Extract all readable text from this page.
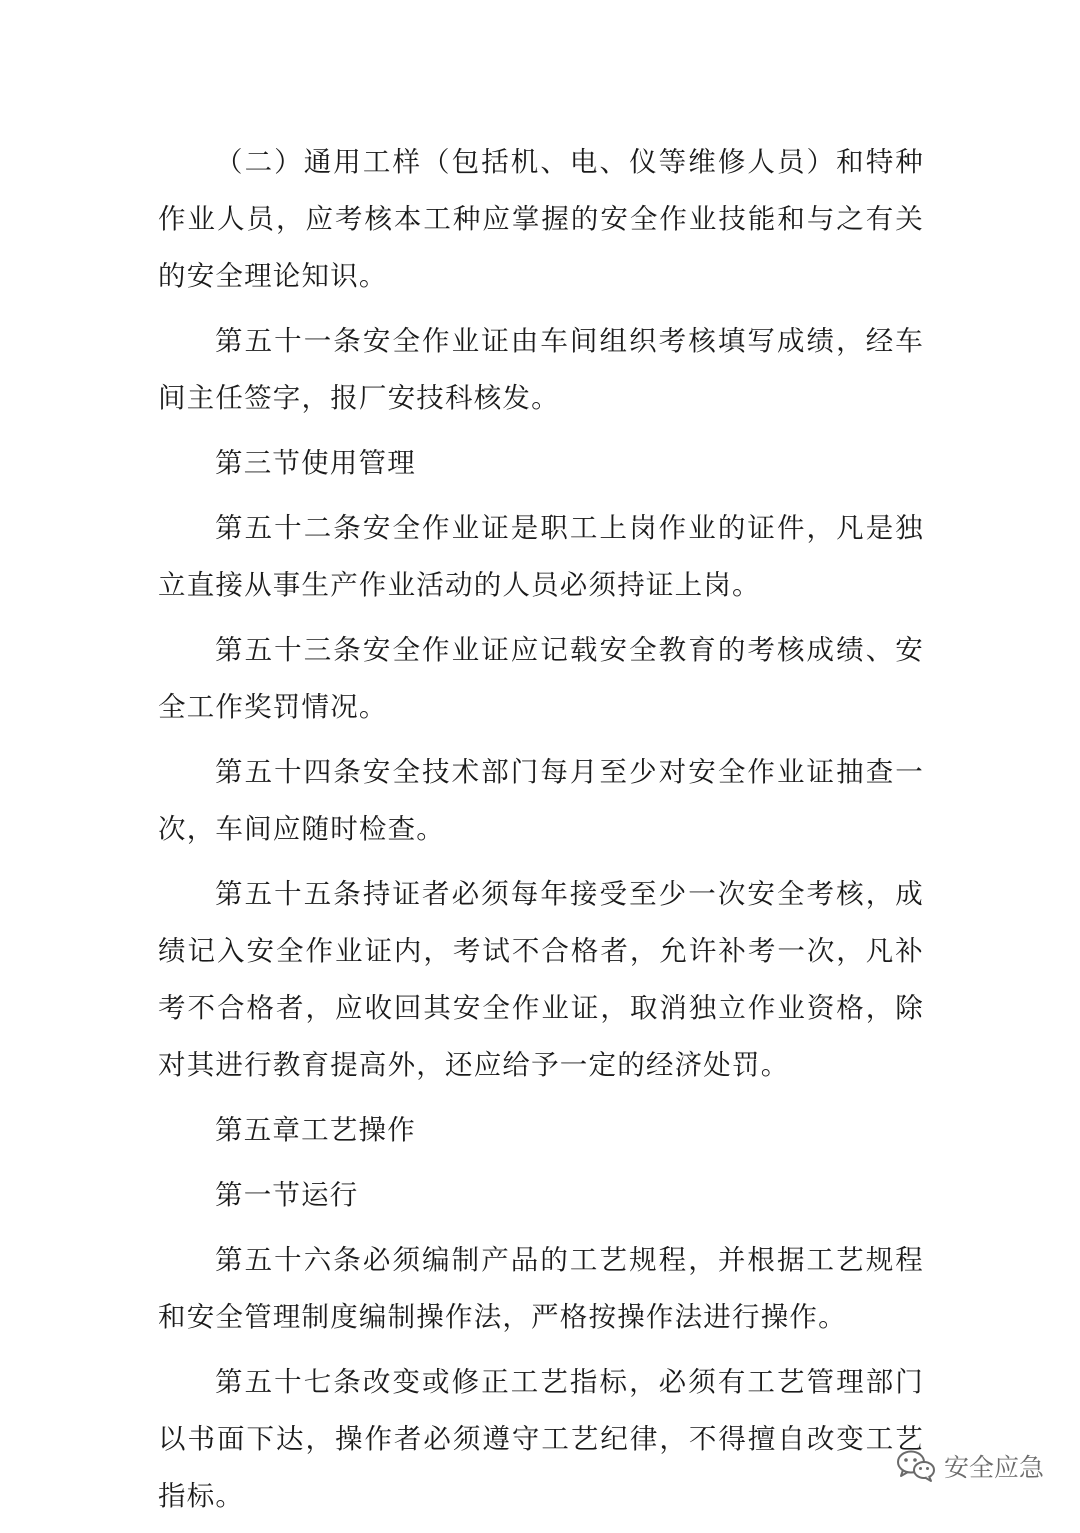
（二）通用工样（包括机、电、仪等维修人员）和特种作业人员，应考核本工种应掌握的安全作业技能和与之有关的安全理论知识。

第五十一条安全作业证由车间组织考核填写成绩，经车间主任签字，报厂安技科核发。

第三节使用管理

第五十二条安全作业证是职工上岗作业的证件，凡是独立直接从事生产作业活动的人员必须持证上岗。

第五十三条安全作业证应记载安全教育的考核成绩、安全工作奖罚情况。

第五十四条安全技术部门每月至少对安全作业证抽查一次，车间应随时检查。

第五十五条持证者必须每年接受至少一次安全考核，成绩记入安全作业证内，考试不合格者，允许补考一次，凡补考不合格者，应收回其安全作业证，取消独立作业资格，除对其进行教育提高外，还应给予一定的经济处罚。

第五章工艺操作

第一节运行

第五十六条必须编制产品的工艺规程，并根据工艺规程和安全管理制度编制操作法，严格按操作法进行操作。

第五十七条改变或修正工艺指标，必须有工艺管理部门以书面下达，操作者必须遵守工艺纪律，不得擅自改变工艺指标。

安全应急
